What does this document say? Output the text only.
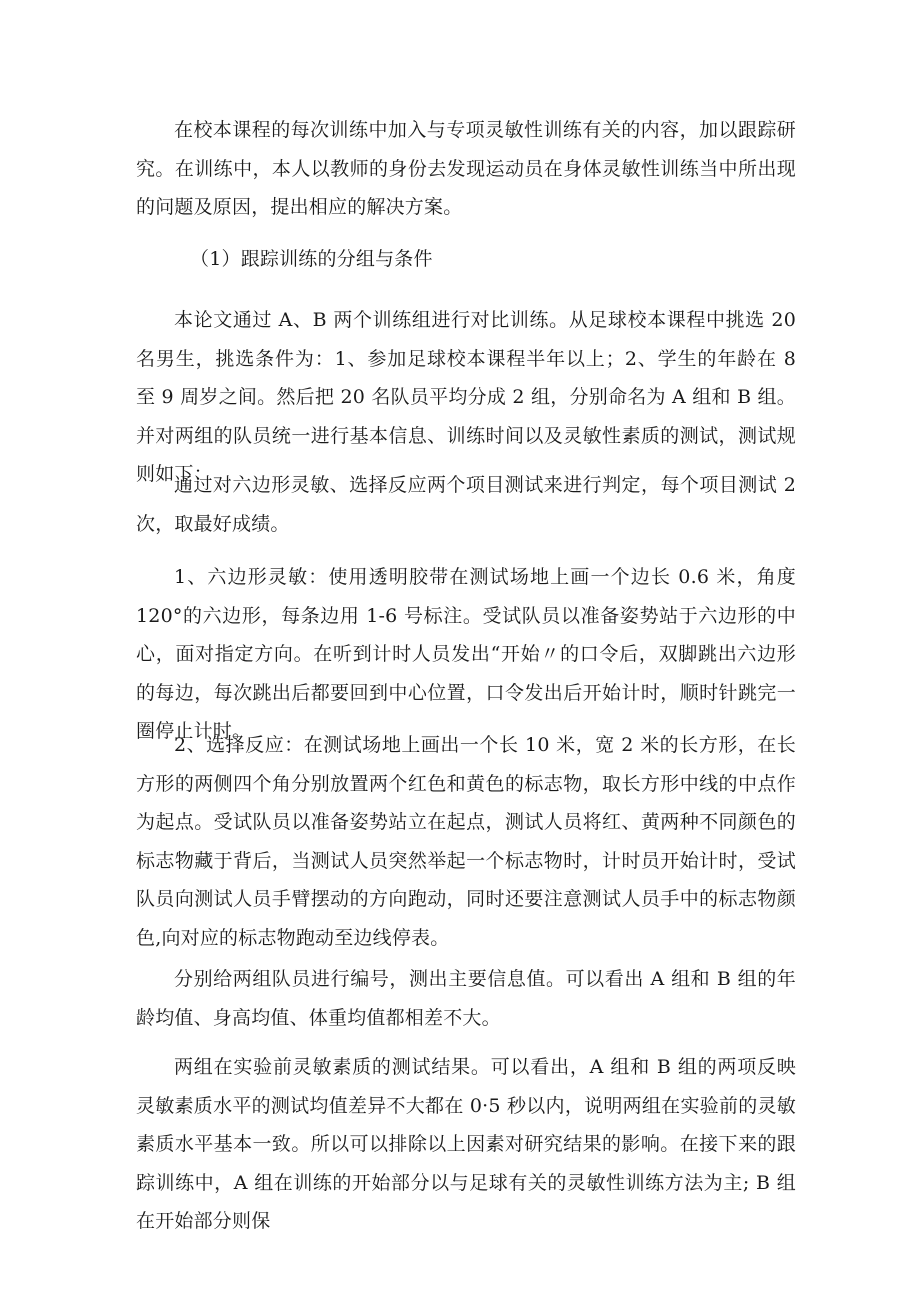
在校本课程的每次训练中加入与专项灵敏性训练有关的内容，加以跟踪研究。在训练中，本人以教师的身份去发现运动员在身体灵敏性训练当中所出现的问题及原因，提出相应的解决方案。

（1）跟踪训练的分组与条件

本论文通过 A、B 两个训练组进行对比训练。从足球校本课程中挑选 20 名男生，挑选条件为：1、参加足球校本课程半年以上；2、学生的年龄在 8 至 9 周岁之间。然后把 20 名队员平均分成 2 组，分别命名为 A 组和 B 组。并对两组的队员统一进行基本信息、训练时间以及灵敏性素质的测试，测试规则如下：

通过对六边形灵敏、选择反应两个项目测试来进行判定，每个项目测试 2 次，取最好成绩。

1、六边形灵敏：使用透明胶带在测试场地上画一个边长 0.6 米，角度 120°的六边形，每条边用 1-6 号标注。受试队员以准备姿势站于六边形的中心，面对指定方向。在听到计时人员发出“开始〃的口令后，双脚跳出六边形的每边，每次跳出后都要回到中心位置，口令发出后开始计时，顺时针跳完一圈停止计时。

2、选择反应：在测试场地上画出一个长 10 米，宽 2 米的长方形，在长方形的两侧四个角分别放置两个红色和黄色的标志物，取长方形中线的中点作为起点。受试队员以准备姿势站立在起点，测试人员将红、黄两种不同颜色的标志物藏于背后，当测试人员突然举起一个标志物时，计时员开始计时，受试队员向测试人员手臂摆动的方向跑动，同时还要注意测试人员手中的标志物颜色,向对应的标志物跑动至边线停表。

分别给两组队员进行编号，测出主要信息值。可以看出 A 组和 B 组的年龄均值、身高均值、体重均值都相差不大。

两组在实验前灵敏素质的测试结果。可以看出，A 组和 B 组的两项反映灵敏素质水平的测试均值差异不大都在 0·5 秒以内，说明两组在实验前的灵敏素质水平基本一致。所以可以排除以上因素对研究结果的影响。在接下来的跟踪训练中，A 组在训练的开始部分以与足球有关的灵敏性训练方法为主; B 组在开始部分则保
